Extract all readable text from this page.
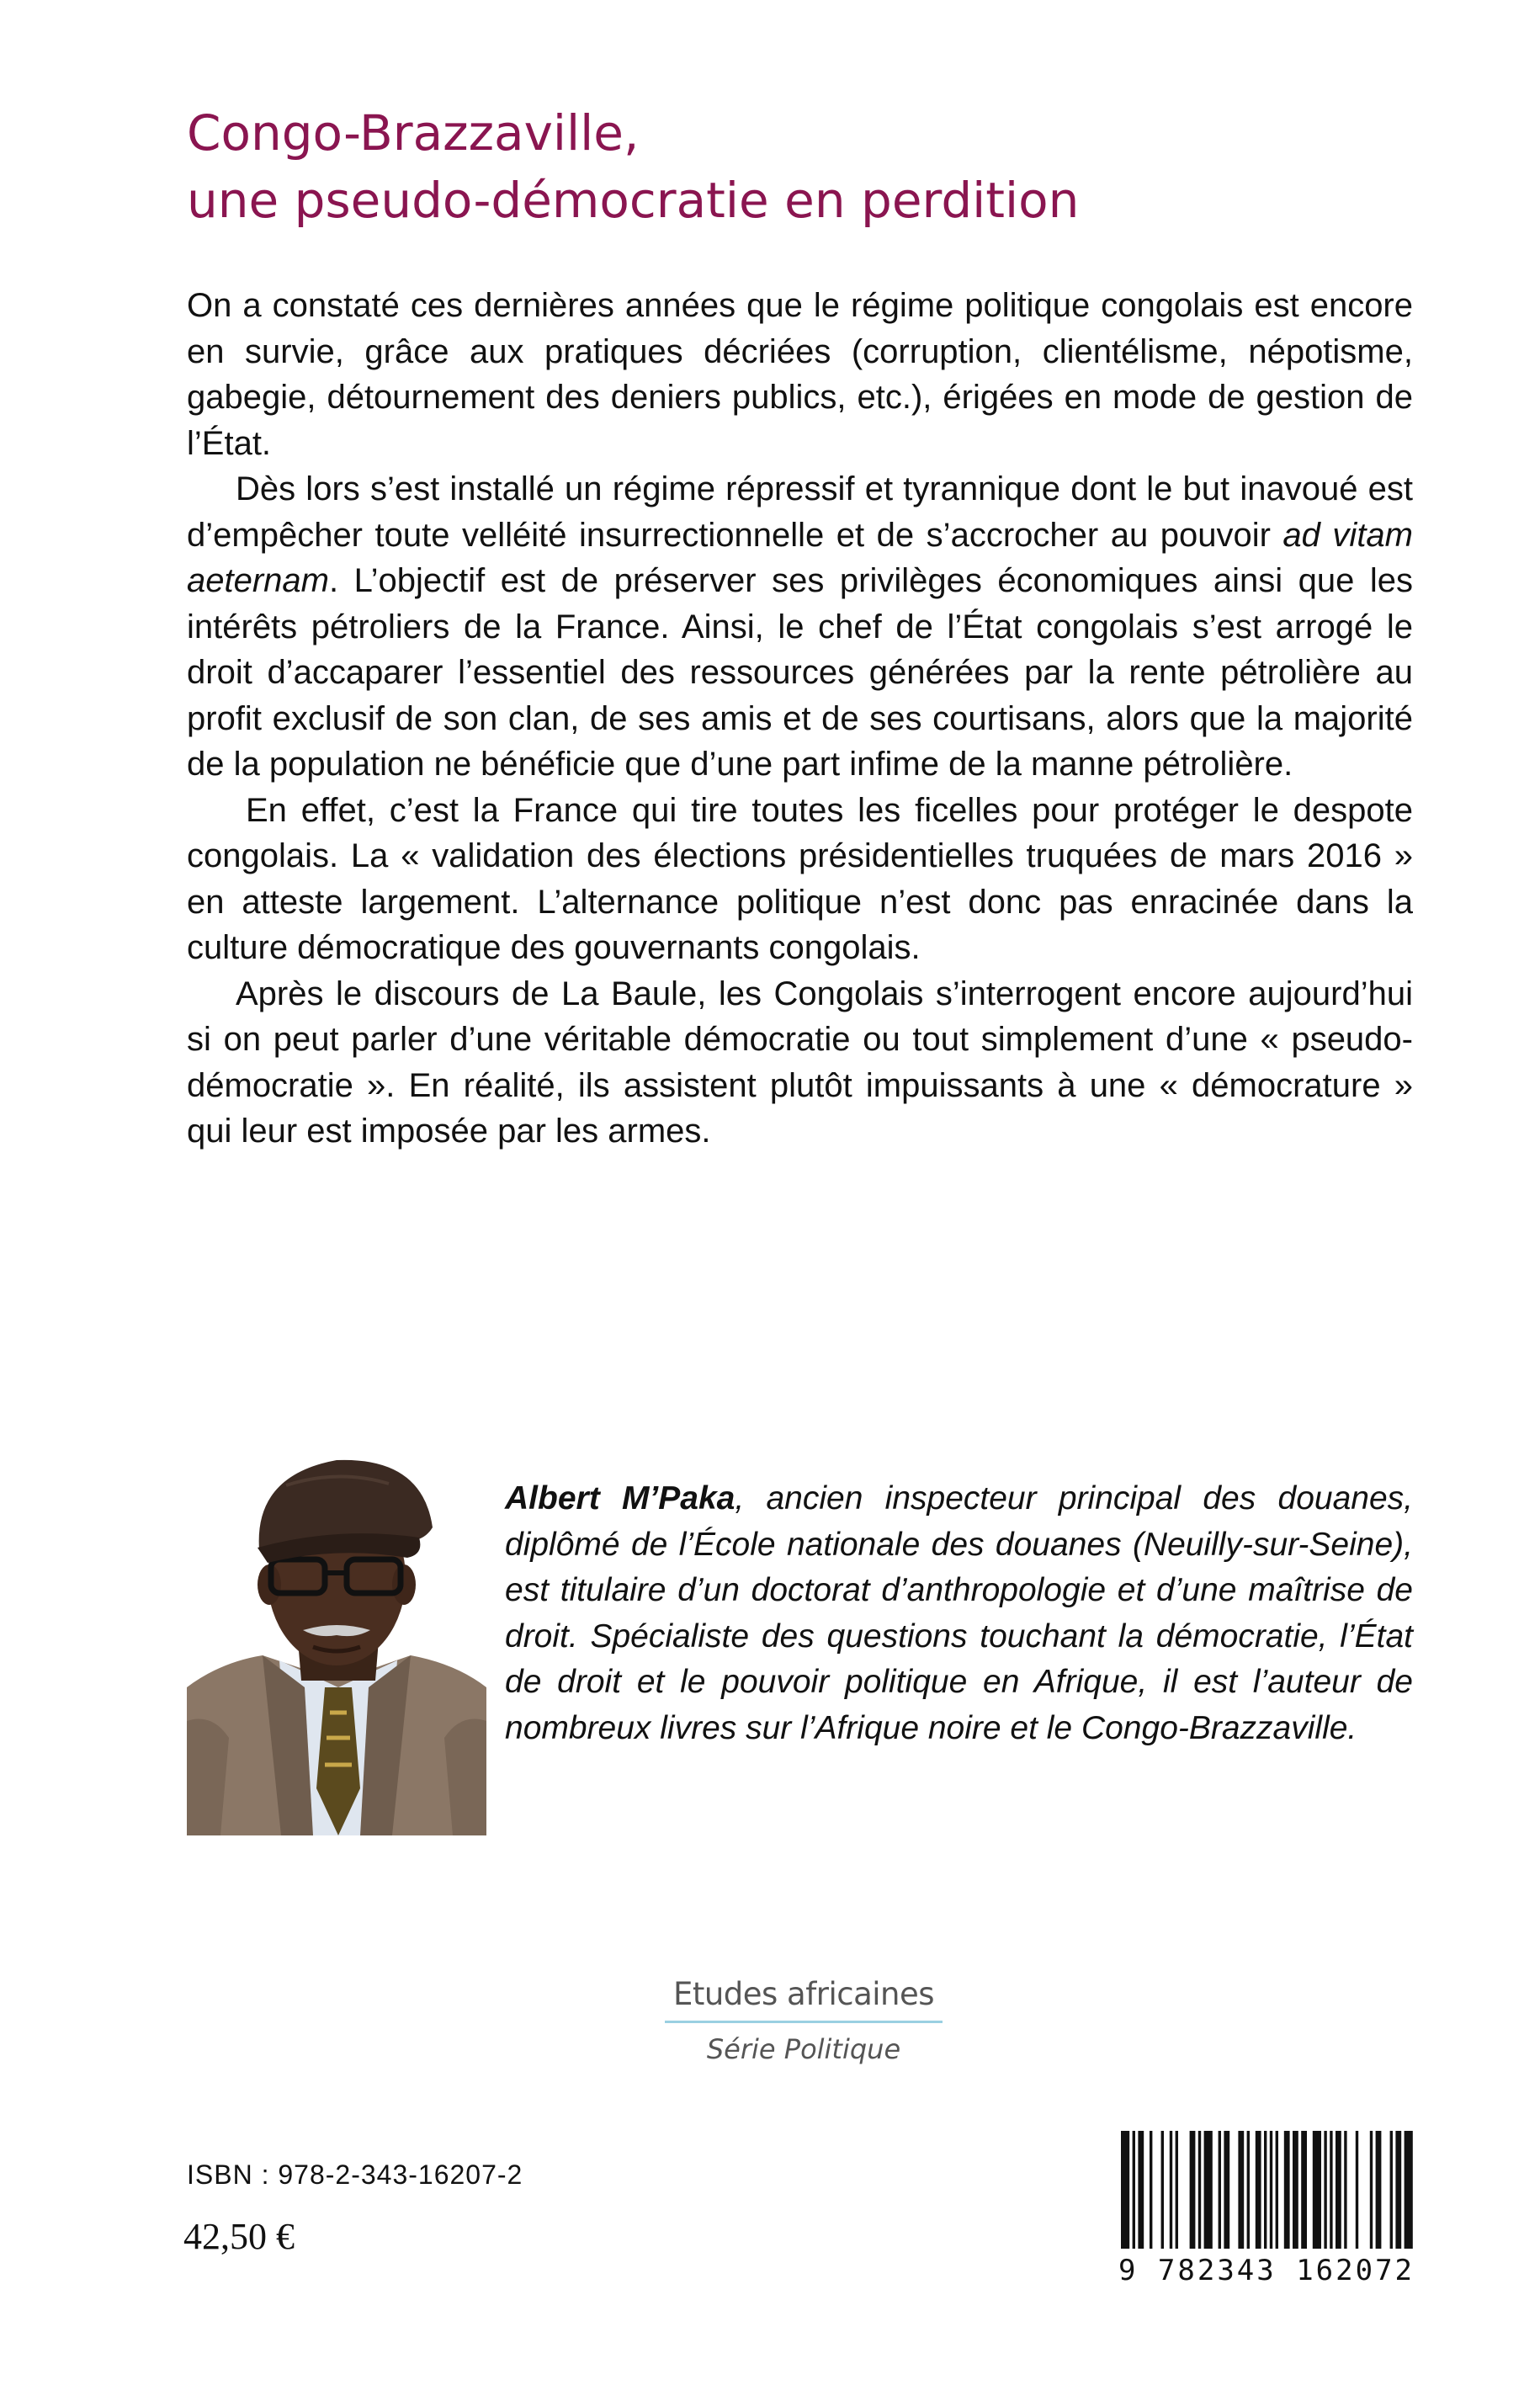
Congo-Brazzaville,
une pseudo-démocratie en perdition

On a constaté ces dernières années que le régime politique congolais est encore en survie, grâce aux pratiques décriées (corruption, clientélisme, népotisme, gabegie, détournement des deniers publics, etc.), érigées en mode de gestion de l’État.

Dès lors s’est installé un régime répressif et tyrannique dont le but inavoué est d’empêcher toute velléité insurrectionnelle et de s’accrocher au pouvoir ad vitam aeternam. L’objectif est de préserver ses privilèges économiques ainsi que les intérêts pétroliers de la France. Ainsi, le chef de l’État congolais s’est arrogé le droit d’accaparer l’essentiel des ressources générées par la rente pétrolière au profit exclusif de son clan, de ses amis et de ses courtisans, alors que la majorité de la population ne bénéficie que d’une part infime de la manne pétrolière.

En effet, c’est la France qui tire toutes les ficelles pour protéger le despote congolais. La « validation des élections présidentielles truquées de mars 2016 » en atteste largement. L’alternance politique n’est donc pas enracinée dans la culture démocratique des gouvernants congolais.

Après le discours de La Baule, les Congolais s’interrogent encore aujourd’hui si on peut parler d’une véritable démocratie ou tout simplement d’une « pseudo-démocratie ». En réalité, ils assistent plutôt impuissants à une « démocrature » qui leur est imposée par les armes.

Albert M’Paka, ancien inspecteur principal des douanes, diplômé de l’École nationale des douanes (Neuilly-sur-Seine), est titulaire d’un doctorat d’anthropologie et d’une maîtrise de droit. Spécialiste des questions touchant la démocratie, l’État de droit et le pouvoir politique en Afrique, il est l’auteur de nombreux livres sur l’Afrique noire et le Congo-Brazzaville.

Etudes africaines
Série Politique
ISBN : 978-2-343-16207-2
42,50 €
9 782343 162072
